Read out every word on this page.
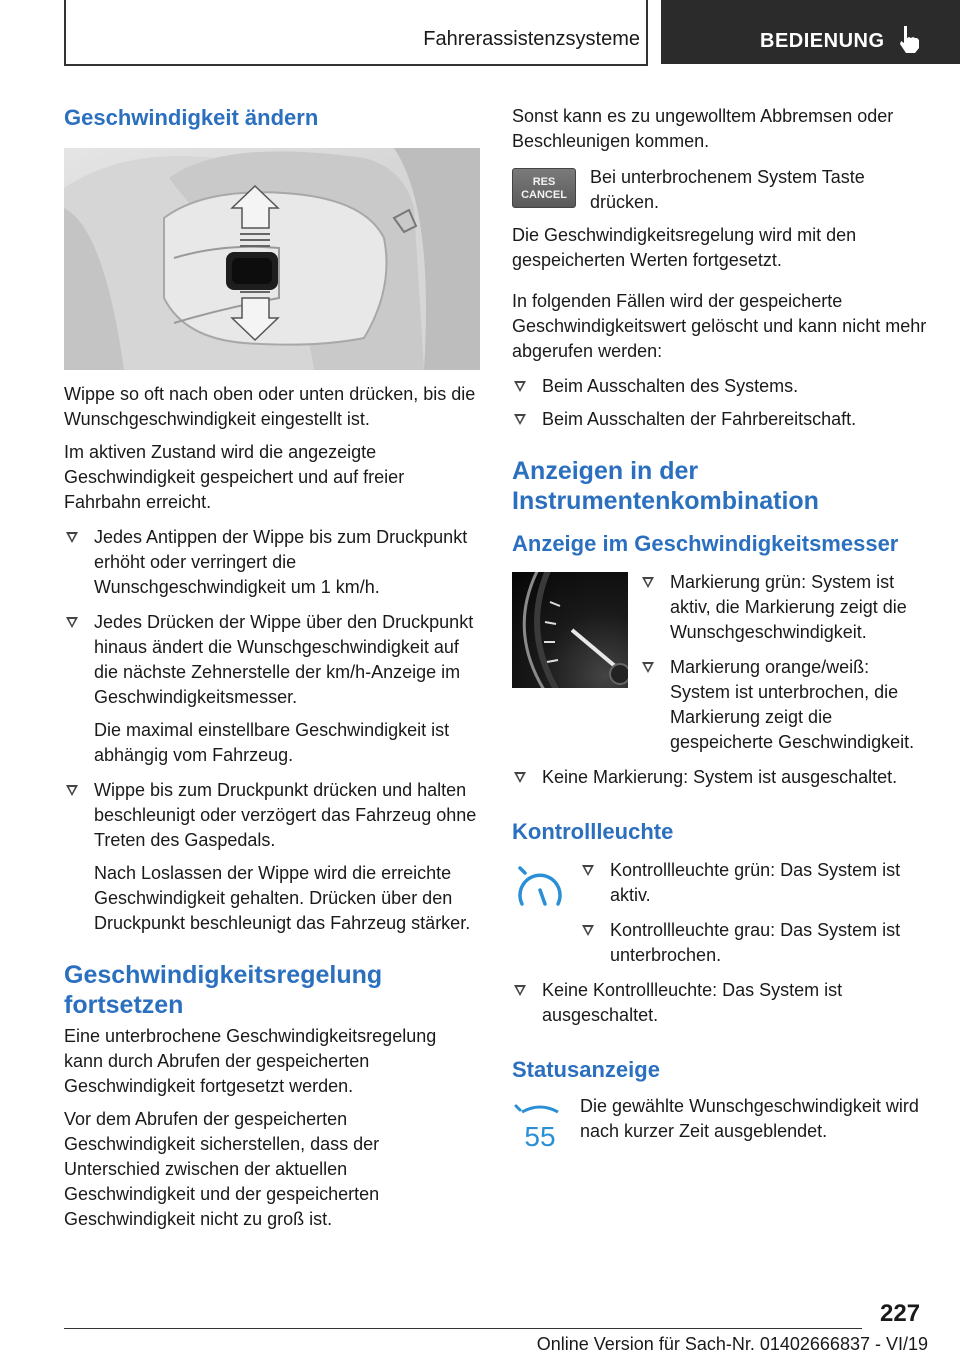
Fahrerassistenzsysteme	BEDIENUNG
Geschwindigkeit ändern
Wippe so oft nach oben oder unten drücken, bis die Wunschgeschwindigkeit eingestellt ist.
Im aktiven Zustand wird die angezeigte Geschwindigkeit gespeichert und auf freier Fahrbahn erreicht.
Jedes Antippen der Wippe bis zum Druckpunkt erhöht oder verringert die Wunschgeschwindigkeit um 1 km/h.
Jedes Drücken der Wippe über den Druckpunkt hinaus ändert die Wunschgeschwindigkeit auf die nächste Zehnerstelle der km/h-Anzeige im Geschwindigkeitsmesser.
Die maximal einstellbare Geschwindigkeit ist abhängig vom Fahrzeug.
Wippe bis zum Druckpunkt drücken und halten beschleunigt oder verzögert das Fahrzeug ohne Treten des Gaspedals.
Nach Loslassen der Wippe wird die erreichte Geschwindigkeit gehalten. Drücken über den Druckpunkt beschleunigt das Fahrzeug stärker.
Geschwindigkeitsregelung fortsetzen
Eine unterbrochene Geschwindigkeitsregelung kann durch Abrufen der gespeicherten Geschwindigkeit fortgesetzt werden.
Vor dem Abrufen der gespeicherten Geschwindigkeit sicherstellen, dass der Unterschied zwischen der aktuellen Geschwindigkeit und der gespeicherten Geschwindigkeit nicht zu groß ist.
Sonst kann es zu ungewolltem Abbremsen oder Beschleunigen kommen.
RES
CANCEL
Bei unterbrochenem System Taste drücken.
Die Geschwindigkeitsregelung wird mit den gespeicherten Werten fortgesetzt.
In folgenden Fällen wird der gespeicherte Geschwindigkeitswert gelöscht und kann nicht mehr abgerufen werden:
Beim Ausschalten des Systems.
Beim Ausschalten der Fahrbereitschaft.
Anzeigen in der Instrumentenkombination
Anzeige im Geschwindigkeitsmesser
Markierung grün: System ist aktiv, die Markierung zeigt die Wunschgeschwindigkeit.
Markierung orange/weiß: System ist unterbrochen, die Markierung zeigt die gespeicherte Geschwindigkeit.
Keine Markierung: System ist ausgeschaltet.
Kontrollleuchte
Kontrollleuchte grün: Das System ist aktiv.
Kontrollleuchte grau: Das System ist unterbrochen.
Keine Kontrollleuchte: Das System ist ausgeschaltet.
Statusanzeige
55
Die gewählte Wunschgeschwindigkeit wird nach kurzer Zeit ausgeblendet.
227
Online Version für Sach-Nr. 01402666837 - VI/19
